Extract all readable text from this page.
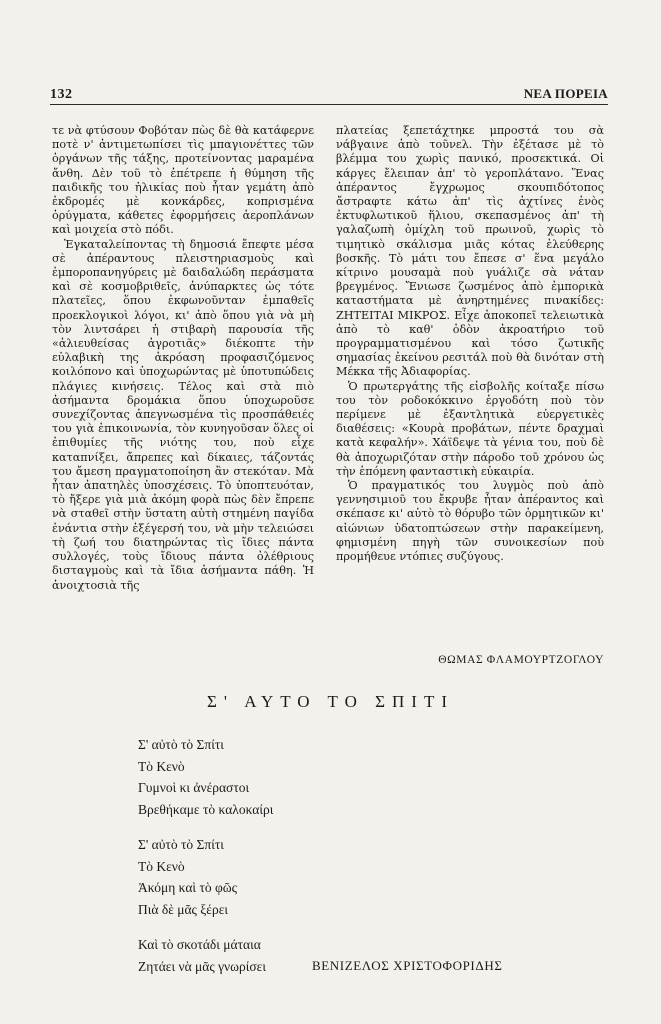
132	ΝΕΑ ΠΟΡΕΙΑ

τε νὰ φτύσουν Φοβόταν πὼς δὲ θὰ κατάφερνε ποτὲ ν' ἀντιμετωπίσει τὶς μπαγιονέττες τῶν ὀργάνων τῆς τάξης, προτείνοντας μαραμένα ἄνθη. Δὲν τοῦ τὸ ἐπέτρεπε ἡ θύμηση τῆς παιδικῆς του ἡλικίας ποὺ ἦταν γεμάτη ἀπὸ ἐκδρομές μὲ κονκάρδες, κοπρισμένα ὀρύγματα, κάθετες ἐφορμήσεις ἀεροπλάνων καὶ μοιχεία στὸ πόδι.

Ἐγκαταλείποντας τὴ δημοσιά ἔπεφτε μέσα σὲ ἀπέραντους πλειστηριασμοὺς καὶ ἐμποροπανηγύρεις μὲ δαιδαλώδη περάσματα καὶ σὲ κοσμοβριθεῖς, ἀνύπαρκτες ὡς τότε πλατεῖες, ὅπου ἐκφωνοῦνταν ἐμπαθεῖς προεκλογικοὶ λόγοι, κι' ἀπὸ ὅπου γιὰ νὰ μὴ τὸν λιντσάρει ἡ στιβαρὴ παρουσία τῆς «ἁλιευθείσας ἀγροτιᾶς» διέκοπτε τὴν εὐλαβικὴ της ἀκρόαση προφασιζόμενος κοιλόπονο καὶ ὑποχωρώντας μὲ ὑποτυπώδεις πλάγιες κινήσεις. Τέλος καὶ στὰ πιὸ ἀσήμαντα δρομάκια ὅπου ὑποχωροῦσε συνεχίζοντας ἀπεγνωσμένα τὶς προσπάθειές του γιὰ ἐπικοινωνία, τὸν κυνηγοῦσαν ὅλες οἱ ἐπιθυμίες τῆς νιότης του, ποὺ εἶχε καταπνίξει, ἄπρεπες καὶ δίκαιες, τάζοντάς του ἄμεση πραγματοποίηση ἂν στεκόταν. Μὰ ἦταν ἀπατηλὲς ὑποσχέσεις. Τὸ ὑποπτευόταν, τὸ ἤξερε γιὰ μιὰ ἀκόμη φορὰ πὼς δὲν ἔπρεπε νὰ σταθεῖ στὴν ὕστατη αὐτὴ στημένη παγίδα ἐνάντια στὴν ἐξέγερσή του, νὰ μὴν τελειώσει τὴ ζωή του διατηρώντας τὶς ἴδιες πάντα συλλογές, τοὺς ἴδιους πάντα ὀλέθριους δισταγμοὺς καὶ τὰ ἴδια ἀσήμαντα πάθη. Ἡ ἀνοιχτοσιὰ τῆς

πλατείας ξεπετάχτηκε μπροστά του σὰ νάβγαινε ἀπὸ τοῦνελ. Τὴν ἐξέτασε μὲ τὸ βλέμμα του χωρὶς πανικό, προσεκτικά. Οἱ κάργες ἔλειπαν ἀπ' τὸ γεροπλάτανο. Ἕνας ἀπέραντος ἔγχρωμος σκουπιδότοπος ἄστραφτε κάτω ἀπ' τὶς ἀχτίνες ἑνὸς ἐκτυφλωτικοῦ ἥλιου, σκεπασμένος ἀπ' τὴ γαλαζωπὴ ὀμίχλη τοῦ πρωινοῦ, χωρὶς τὸ τιμητικὸ σκάλισμα μιᾶς κότας ἐλεύθερης βοσκῆς. Τὸ μάτι του ἔπεσε σ' ἕνα μεγάλο κίτρινο μουσαμὰ ποὺ γυάλιζε σὰ νάταν βρεγμένος. Ἔνιωσε ζωσμένος ἀπὸ ἐμπορικὰ καταστήματα μὲ ἀνηρτημένες πινακίδες: ΖΗΤΕΙΤΑΙ ΜΙΚΡΟΣ. Εἶχε ἀποκοπεῖ τελειωτικὰ ἀπὸ τὸ καθ' ὁδὸν ἀκροατήριο τοῦ προγραμματισμένου καὶ τόσο ζωτικῆς σημασίας ἐκείνου ρεσιτάλ ποὺ θὰ δινόταν στὴ Μέκκα τῆς Ἀδιαφορίας.

Ὁ πρωτεργάτης τῆς εἰσβολῆς κοίταξε πίσω του τὸν ροδοκόκκινο ἐργοδότη ποὺ τὸν περίμενε μὲ ἐξαντλητικὰ εὐεργετικὲς διαθέσεις: «Κουρὰ προβάτων, πέντε δραχμαὶ κατὰ κεφαλήν». Χάϊδεψε τὰ γένια του, ποὺ δὲ θὰ ἀποχωριζόταν στὴν πάροδο τοῦ χρόνου ὡς τὴν ἑπόμενη φανταστικὴ εὐκαιρία.

Ὁ πραγματικός του λυγμὸς ποὺ ἀπὸ γεννησιμιοῦ του ἔκρυβε ἦταν ἀπέραντος καὶ σκέπασε κι' αὐτὸ τὸ θόρυβο τῶν ὁρμητικῶν κι' αἰώνιων ὑδατοπτώσεων στὴν παρακείμενη, φημισμένη πηγὴ τῶν συνοικεσίων ποὺ προμήθευε ντόπιες συζύγους.

ΘΩΜΑΣ ΦΛΑΜΟΥΡΤΖΟΓΛΟΥ
Σ' ΑΥΤΟ ΤΟ ΣΠΙΤΙ
Σ' αὐτὸ τὸ Σπίτι
Τὸ Κενὸ
Γυμνοὶ κι ἀνέραστοι
Βρεθήκαμε τὸ καλοκαίρι
Σ' αὐτὸ τὸ Σπίτι
Τὸ Κενὸ
Ἀκόμη καὶ τὸ φῶς
Πιὰ δὲ μᾶς ξέρει
Καὶ τὸ σκοτάδι μάταια
Ζητάει νὰ μᾶς γνωρίσει	ΒΕΝΙΖΕΛΟΣ ΧΡΙΣΤΟΦΟΡΙΔΗΣ
